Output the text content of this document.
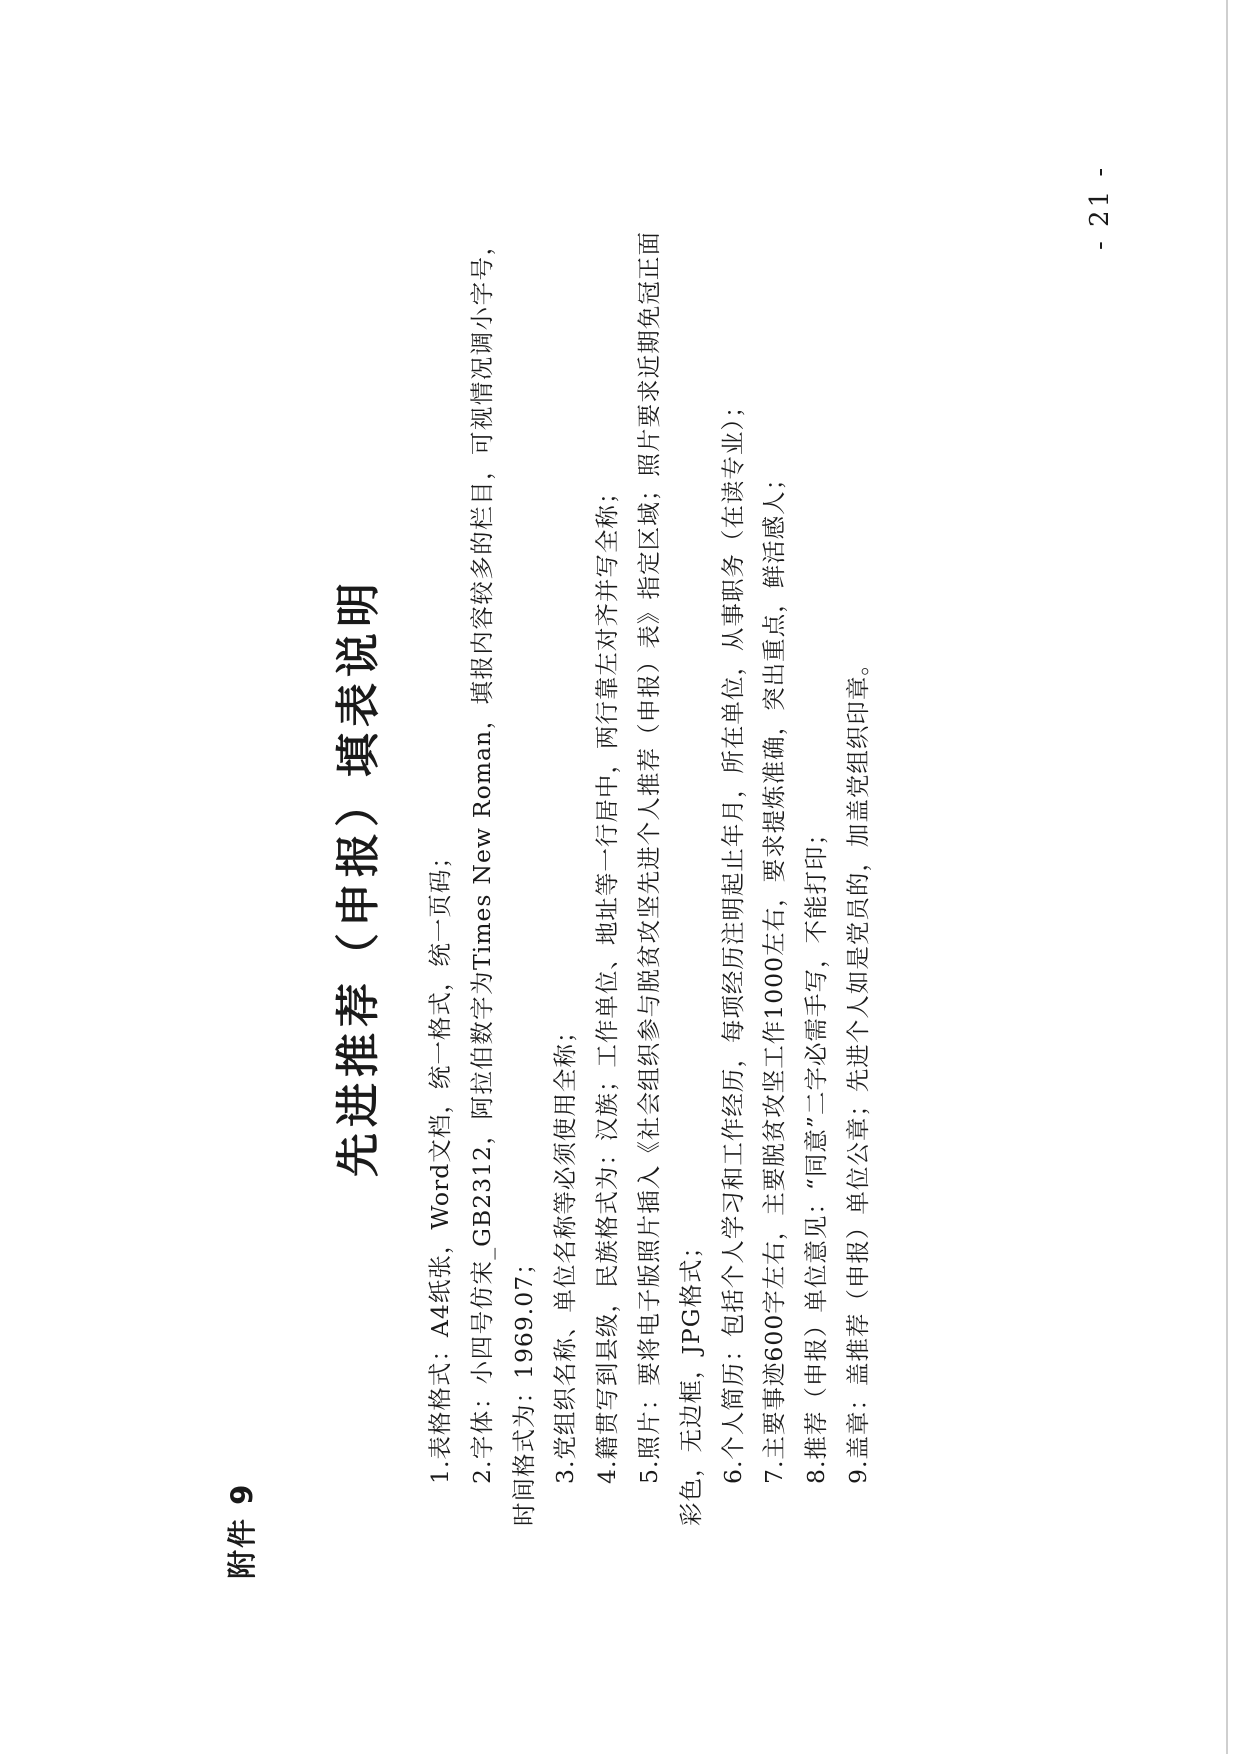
附件 9
先进推荐（申报）填表说明 1.表格格式：A4纸张，Word文档，统一格式，统一页码； 2.字体：小四号仿宋_GB2312，阿拉伯数字为Times New Roman，填报内容较多的栏目，可视情况调小字号，时间格式为：1969.07； 3.党组织名称、单位名称等必须使用全称； 4.籍贯写到县级，民族格式为：汉族；工作单位、地址等一行居中，两行靠左对齐并写全称； 5.照片：要将电子版照片插入《社会组织参与脱贫攻坚先进个人推荐（申报）表》指定区域；照片要求近期免冠正面彩色，无边框，JPG格式； 6.个人简历：包括个人学习和工作经历，每项经历注明起止年月，所在单位，从事职务（在读专业）； 7.主要事迹600字左右，主要脱贫攻坚工作1000左右，要求提炼准确，突出重点，鲜活感人； 8.推荐（申报）单位意见：“同意”二字必需手写，不能打印； 9.盖章：盖推荐（申报）单位公章；先进个人如是党员的，加盖党组织印章。
- 21 -
